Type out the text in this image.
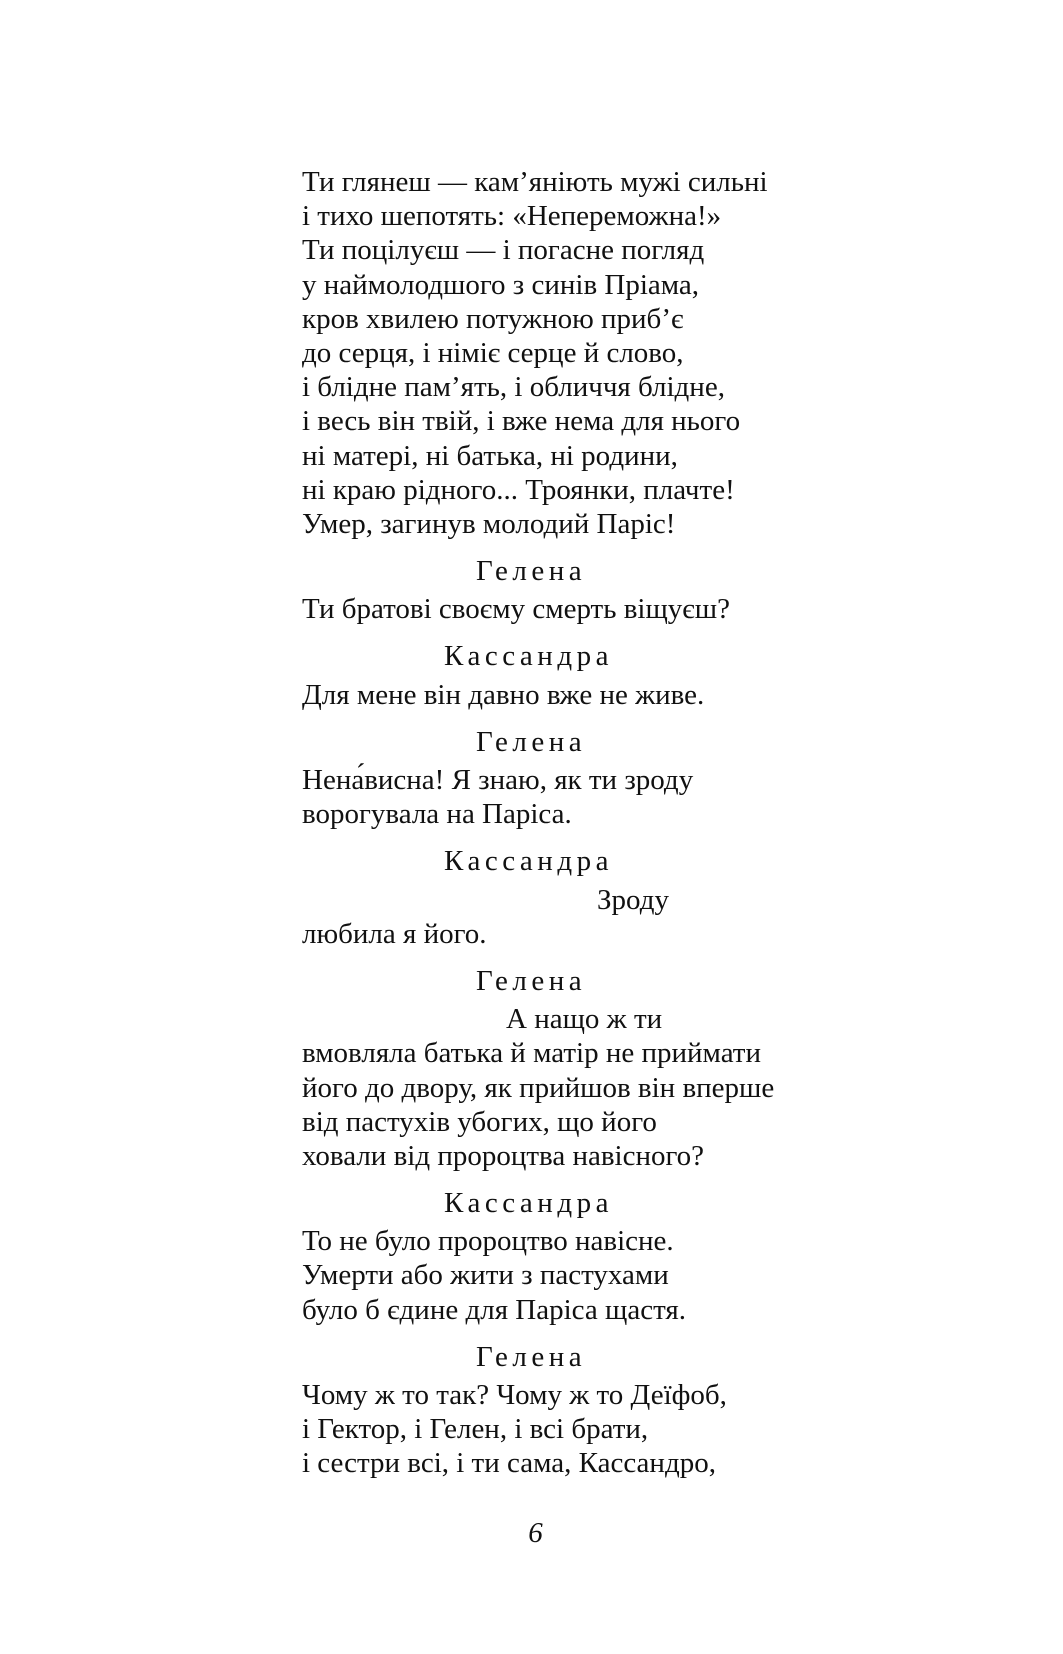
Ти глянеш — кам’яніють мужі сильні
і тихо шепотять: «Непереможна!»
Ти поцілуєш — і погасне погляд
у наймолодшого з синів Пріама,
кров хвилею потужною приб’є
до серця, і німіє серце й слово,
і блідне пам’ять, і обличчя блідне,
і весь він твій, і вже нема для нього
ні матері, ні батька, ні родини,
ні краю рідного... Троянки, плачте!
Умер, загинув молодий Паріс!
Гелена
Ти братові своєму смерть віщуєш?
Кассандра
Для мене він давно вже не живе.
Гелена
Нена́висна! Я знаю, як ти зроду
ворогувала на Паріса.
Кассандра
Зроду
любила я його.
Гелена
А нащо ж ти
вмовляла батька й матір не приймати
його до двору, як прийшов він вперше
від пастухів убогих, що його
ховали від пророцтва навісного?
Кассандра
То не було пророцтво навісне.
Умерти або жити з пастухами
було б єдине для Паріса щастя.
Гелена
Чому ж то так? Чому ж то Деїфоб,
і Гектор, і Гелен, і всі брати,
і сестри всі, і ти сама, Кассандро,
6
